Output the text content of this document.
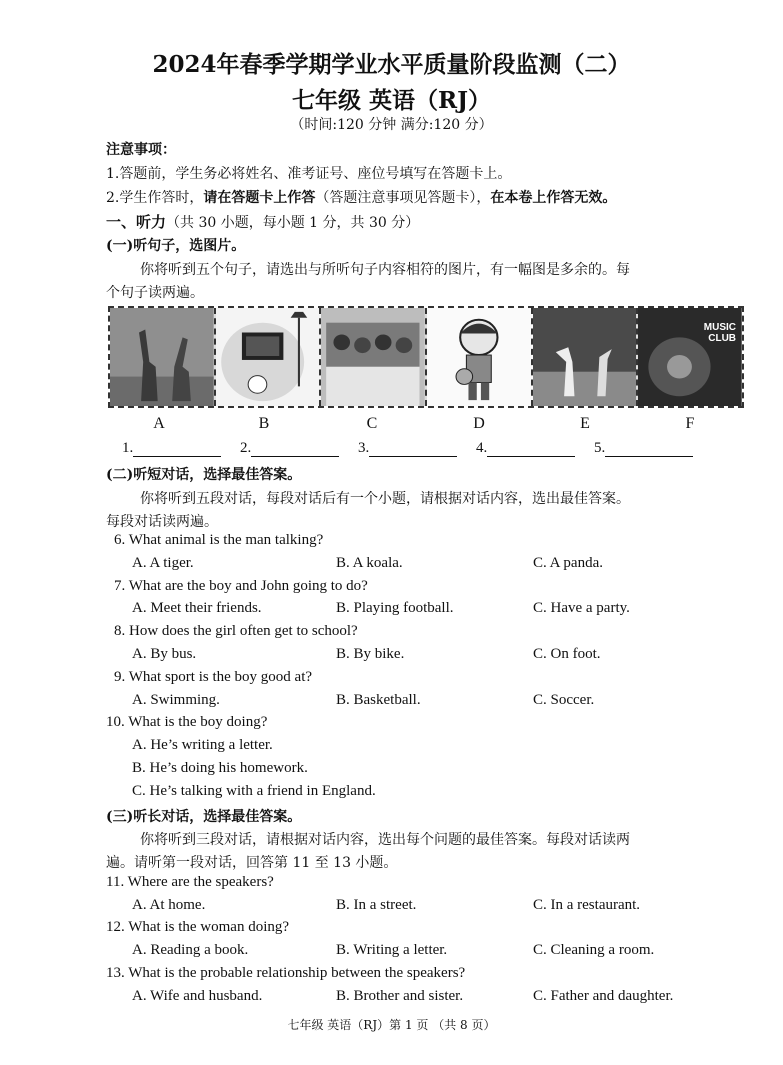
2024年春季学期学业水平质量阶段监测（二）
七年级 英语（RJ）
（时间:120 分钟 满分:120 分）
注意事项：
1.答题前，学生务必将姓名、准考证号、座位号填写在答题卡上。
2.学生作答时，请在答题卡上作答（答题注意事项见答题卡），在本卷上作答无效。
一、听力（共 30 小题，每小题 1 分，共 30 分）
(一)听句子，选图片。
你将听到五个句子，请选出与所听句子内容相符的图片，有一幅图是多余的。每
个句子读两遍。
MUSIC
CLUB
A	B	C	D	E	F
1.	2.	3.	4.	5.
(二)听短对话，选择最佳答案。
你将听到五段对话，每段对话后有一个小题，请根据对话内容，选出最佳答案。
每段对话读两遍。
6. What animal is the man talking?
A. A tiger.	B. A koala.	C. A panda.
7. What are the boy and John going to do?
A. Meet their friends.	B. Playing football.	C. Have a party.
8. How does the girl often get to school?
A. By bus.	B. By bike.	C. On foot.
9. What sport is the boy good at?
A. Swimming.	B. Basketball.	C. Soccer.
10. What is the boy doing?
A. He’s writing a letter.
B. He’s doing his homework.
C. He’s talking with a friend in England.
(三)听长对话，选择最佳答案。
你将听到三段对话，请根据对话内容，选出每个问题的最佳答案。每段对话读两
遍。请听第一段对话，回答第 11 至 13 小题。
11. Where are the speakers?
A. At home.	B. In a street.	C. In a restaurant.
12. What is the woman doing?
A. Reading a book.	B. Writing a letter.	C. Cleaning a room.
13. What is the probable relationship between the speakers?
A. Wife and husband.	B. Brother and sister.	C. Father and daughter.
七年级 英语（RJ）第 1 页 （共 8 页）
